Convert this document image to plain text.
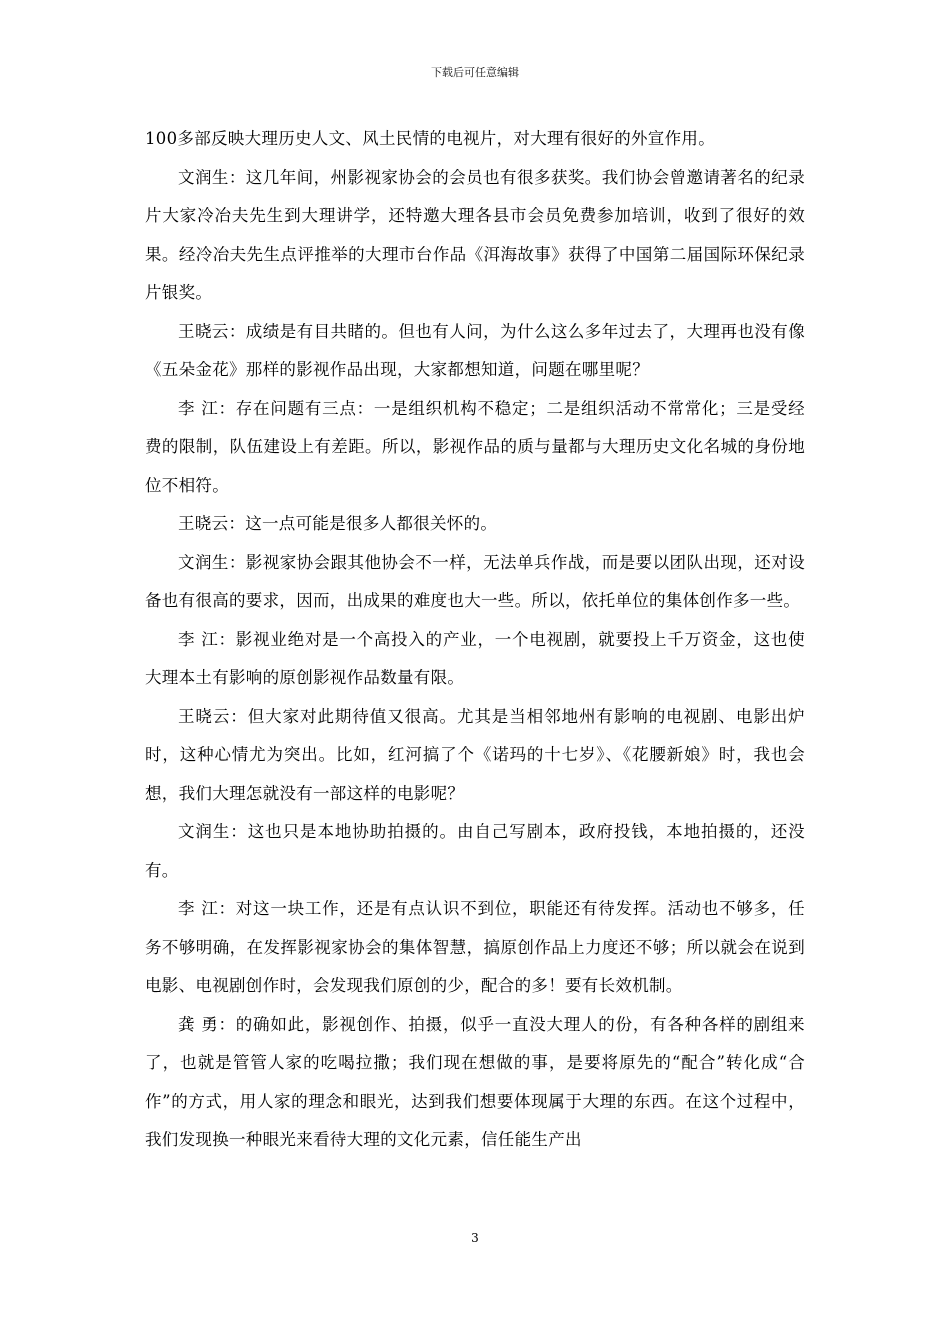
下载后可任意编辑

100多部反映大理历史人文、风土民情的电视片，对大理有很好的外宣作用。

文润生：这几年间，州影视家协会的会员也有很多获奖。我们协会曾邀请著名的纪录片大家冷冶夫先生到大理讲学，还特邀大理各县市会员免费参加培训，收到了很好的效果。经冷冶夫先生点评推举的大理市台作品《洱海故事》获得了中国第二届国际环保纪录片银奖。

王晓云：成绩是有目共睹的。但也有人问，为什么这么多年过去了，大理再也没有像《五朵金花》那样的影视作品出现，大家都想知道，问题在哪里呢？

李 江：存在问题有三点：一是组织机构不稳定；二是组织活动不常常化；三是受经费的限制，队伍建设上有差距。所以，影视作品的质与量都与大理历史文化名城的身份地位不相符。

王晓云：这一点可能是很多人都很关怀的。

文润生：影视家协会跟其他协会不一样，无法单兵作战，而是要以团队出现，还对设备也有很高的要求，因而，出成果的难度也大一些。所以，依托单位的集体创作多一些。

李 江：影视业绝对是一个高投入的产业，一个电视剧，就要投上千万资金，这也使大理本土有影响的原创影视作品数量有限。

王晓云：但大家对此期待值又很高。尤其是当相邻地州有影响的电视剧、电影出炉时，这种心情尤为突出。比如，红河搞了个《诺玛的十七岁》、《花腰新娘》时，我也会想，我们大理怎就没有一部这样的电影呢？

文润生：这也只是本地协助拍摄的。由自己写剧本，政府投钱，本地拍摄的，还没有。

李 江：对这一块工作，还是有点认识不到位，职能还有待发挥。活动也不够多，任务不够明确，在发挥影视家协会的集体智慧，搞原创作品上力度还不够；所以就会在说到电影、电视剧创作时，会发现我们原创的少，配合的多！要有长效机制。

龚 勇：的确如此，影视创作、拍摄，似乎一直没大理人的份，有各种各样的剧组来了，也就是管管人家的吃喝拉撒；我们现在想做的事，是要将原先的“配合”转化成“合作”的方式，用人家的理念和眼光，达到我们想要体现属于大理的东西。在这个过程中，我们发现换一种眼光来看待大理的文化元素，信任能生产出

3
